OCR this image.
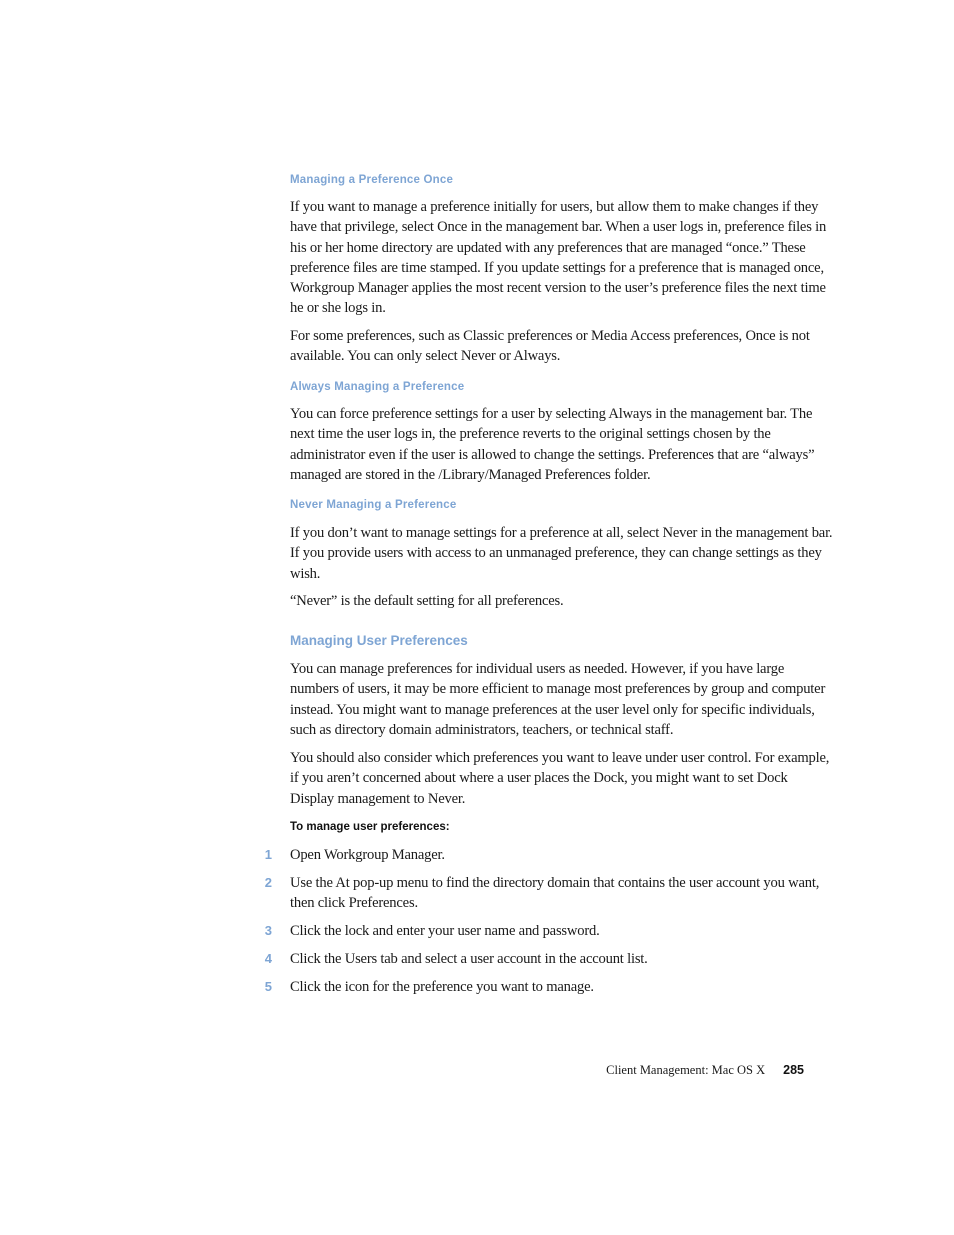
Managing a Preference Once

If you want to manage a preference initially for users, but allow them to make changes if they have that privilege, select Once in the management bar. When a user logs in, preference files in his or her home directory are updated with any preferences that are managed “once.” These preference files are time stamped. If you update settings for a preference that is managed once, Workgroup Manager applies the most recent version to the user’s preference files the next time he or she logs in.

For some preferences, such as Classic preferences or Media Access preferences, Once is not available. You can only select Never or Always.

Always Managing a Preference

You can force preference settings for a user by selecting Always in the management bar. The next time the user logs in, the preference reverts to the original settings chosen by the administrator even if the user is allowed to change the settings. Preferences that are “always” managed are stored in the /Library/Managed Preferences folder.

Never Managing a Preference

If you don’t want to manage settings for a preference at all, select Never in the management bar. If you provide users with access to an unmanaged preference, they can change settings as they wish.

“Never” is the default setting for all preferences.

Managing User Preferences

You can manage preferences for individual users as needed. However, if you have large numbers of users, it may be more efficient to manage most preferences by group and computer instead. You might want to manage preferences at the user level only for specific individuals, such as directory domain administrators, teachers, or technical staff.

You should also consider which preferences you want to leave under user control. For example, if you aren’t concerned about where a user places the Dock, you might want to set Dock Display management to Never.

To manage user preferences:
1 Open Workgroup Manager.
2 Use the At pop-up menu to find the directory domain that contains the user account you want, then click Preferences.
3 Click the lock and enter your user name and password.
4 Click the Users tab and select a user account in the account list.
5 Click the icon for the preference you want to manage.
Client Management: Mac OS X 285
